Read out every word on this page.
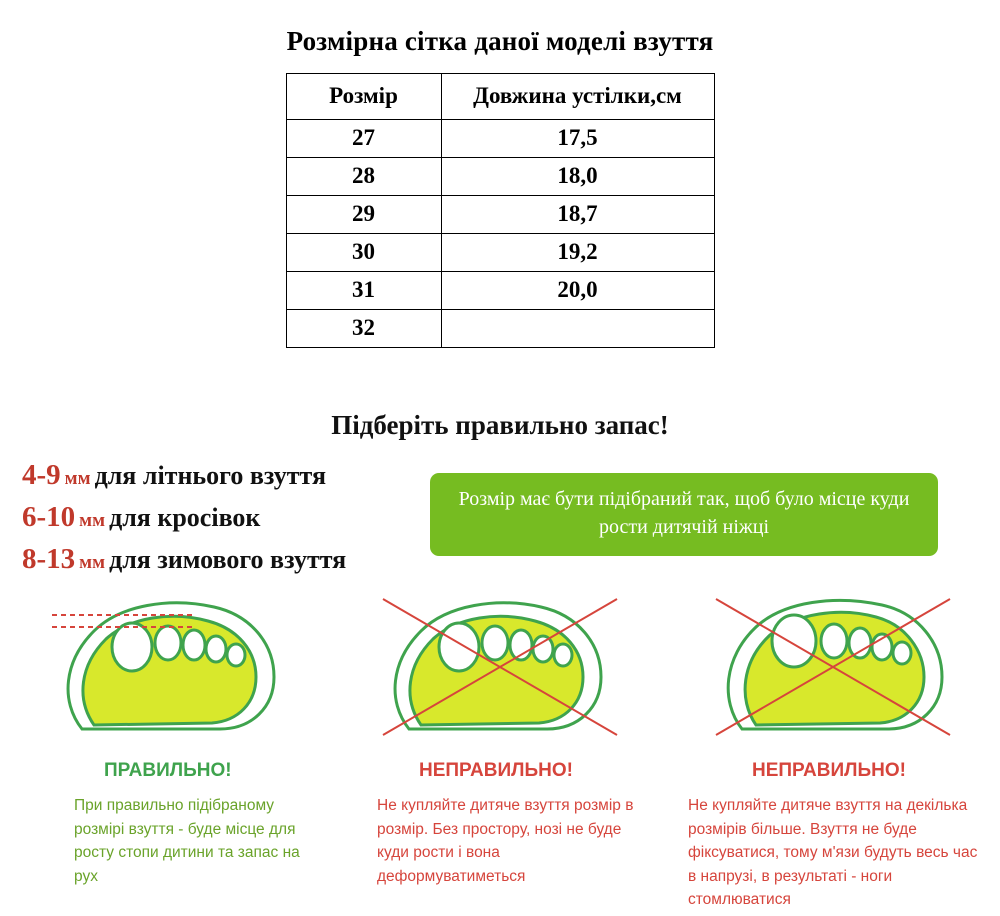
Розмірна сітка даної моделі взуття
Розмір	Довжина устілки,см
27	17,5
28	18,0
29	18,7
30	19,2
31	20,0
32	
Підберіть правильно запас!
4-9 мм для літнього взуття
6-10 мм для кросівок
8-13 мм для зимового взуття
Розмір має бути підібраний так, щоб було місце куди рости дитячій ніжці
ПРАВИЛЬНО!
При правильно підібраному розмірі взуття - буде місце для росту стопи дитини та запас на рух
НЕПРАВИЛЬНО!
Не купляйте дитяче взуття розмір в розмір. Без простору, нозі не буде куди рости і вона деформуватиметься
НЕПРАВИЛЬНО!
Не купляйте дитяче взуття на декілька розмірів більше. Взуття не буде фіксуватися, тому м'язи будуть весь час в напрузі, в результаті - ноги стомлюватися
